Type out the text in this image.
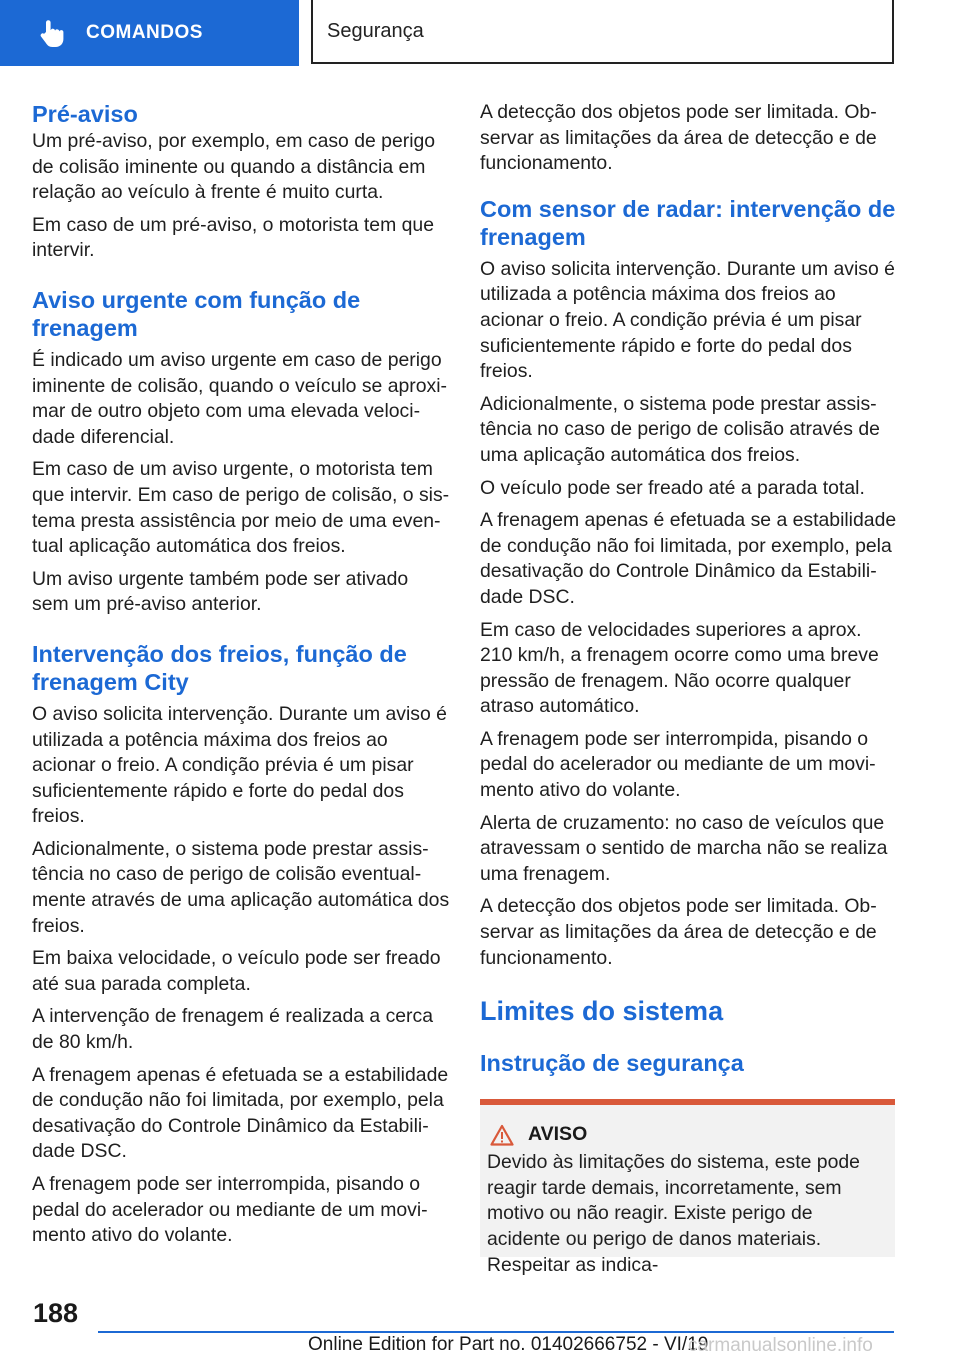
COMANDOS	Segurança
Pré-aviso

Um pré-aviso, por exemplo, em caso de perigo de colisão iminente ou quando a distância em relação ao veículo à frente é muito curta.

Em caso de um pré-aviso, o motorista tem que intervir.

Aviso urgente com função de frenagem

É indicado um aviso urgente em caso de perigo iminente de colisão, quando o veículo se aproximar de outro objeto com uma elevada velocidade diferencial.

Em caso de um aviso urgente, o motorista tem que intervir. Em caso de perigo de colisão, o sistema presta assistência por meio de uma eventual aplicação automática dos freios.

Um aviso urgente também pode ser ativado sem um pré-aviso anterior.

Intervenção dos freios, função de frenagem City

O aviso solicita intervenção. Durante um aviso é utilizada a potência máxima dos freios ao acionar o freio. A condição prévia é um pisar suficientemente rápido e forte do pedal dos freios.

Adicionalmente, o sistema pode prestar assistência no caso de perigo de colisão eventualmente através de uma aplicação automática dos freios.

Em baixa velocidade, o veículo pode ser freado até sua parada completa.

A intervenção de frenagem é realizada a cerca de 80 km/h.

A frenagem apenas é efetuada se a estabilidade de condução não foi limitada, por exemplo, pela desativação do Controle Dinâmico da Estabilidade DSC.

A frenagem pode ser interrompida, pisando o pedal do acelerador ou mediante de um movimento ativo do volante.

A detecção dos objetos pode ser limitada. Observar as limitações da área de detecção e de funcionamento.

Com sensor de radar: intervenção de frenagem

O aviso solicita intervenção. Durante um aviso é utilizada a potência máxima dos freios ao acionar o freio. A condição prévia é um pisar suficientemente rápido e forte do pedal dos freios.

Adicionalmente, o sistema pode prestar assistência no caso de perigo de colisão através de uma aplicação automática dos freios.

O veículo pode ser freado até a parada total.

A frenagem apenas é efetuada se a estabilidade de condução não foi limitada, por exemplo, pela desativação do Controle Dinâmico da Estabilidade DSC.

Em caso de velocidades superiores a aprox. 210 km/h, a frenagem ocorre como uma breve pressão de frenagem. Não ocorre qualquer atraso automático.

A frenagem pode ser interrompida, pisando o pedal do acelerador ou mediante de um movimento ativo do volante.

Alerta de cruzamento: no caso de veículos que atravessam o sentido de marcha não se realiza uma frenagem.

A detecção dos objetos pode ser limitada. Observar as limitações da área de detecção e de funcionamento.

Limites do sistema
Instrução de segurança
AVISO

Devido às limitações do sistema, este pode reagir tarde demais, incorretamente, sem motivo ou não reagir. Existe perigo de acidente ou perigo de danos materiais. Respeitar as indica-

188
Online Edition for Part no. 01402666752 - VI/19
carmanualsonline.info
